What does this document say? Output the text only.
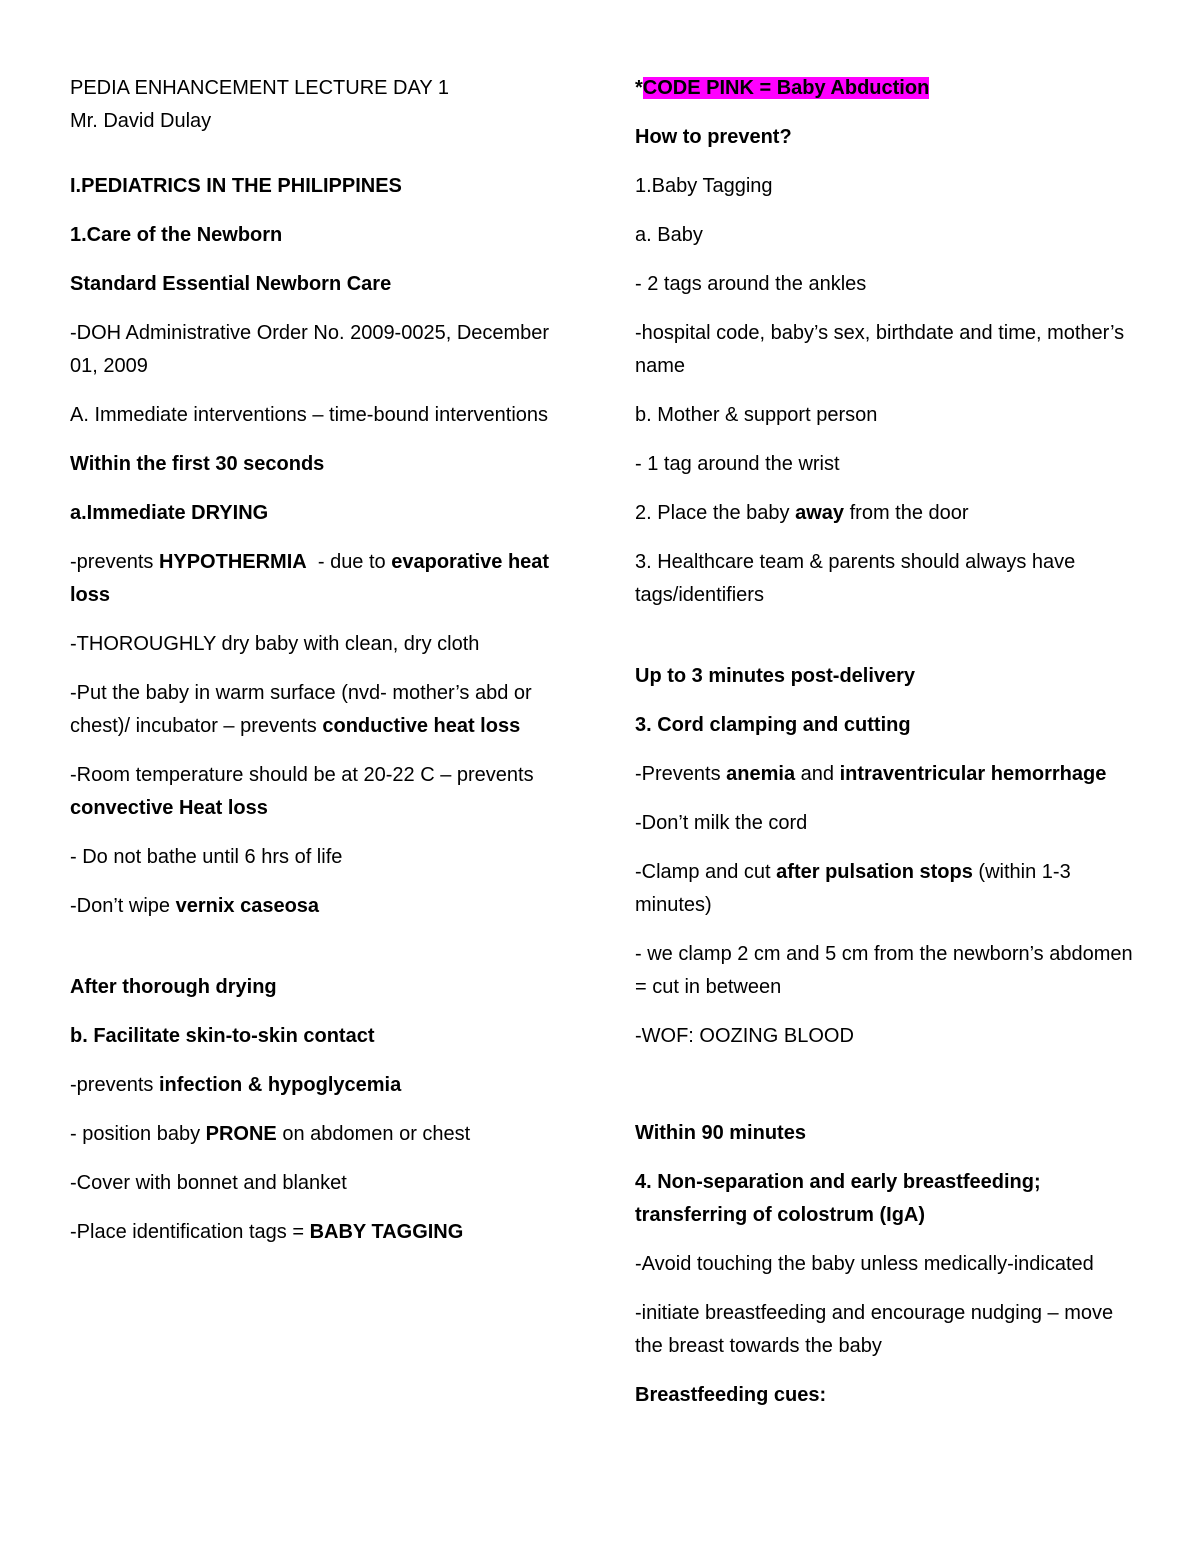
PEDIA ENHANCEMENT LECTURE DAY 1

Mr. David Dulay

I.PEDIATRICS IN THE PHILIPPINES

1.Care of the Newborn

Standard Essential Newborn Care

-DOH Administrative Order No. 2009-0025, December 01, 2009

A. Immediate interventions – time-bound interventions

Within the first 30 seconds

a.Immediate DRYING

-prevents HYPOTHERMIA  - due to evaporative heat loss

-THOROUGHLY dry baby with clean, dry cloth

-Put the baby in warm surface (nvd- mother’s abd or chest)/ incubator – prevents conductive heat loss

-Room temperature should be at 20-22 C – prevents convective Heat loss

- Do not bathe until 6 hrs of life

-Don’t wipe vernix caseosa

After thorough drying

b. Facilitate skin-to-skin contact

-prevents infection & hypoglycemia

- position baby PRONE on abdomen or chest

-Cover with bonnet and blanket

-Place identification tags = BABY TAGGING

*CODE PINK = Baby Abduction

How to prevent?

1.Baby Tagging

a. Baby

- 2 tags around the ankles

-hospital code, baby’s sex, birthdate and time, mother’s name

b. Mother & support person

- 1 tag around the wrist

2. Place the baby away from the door

3. Healthcare team & parents should always have tags/identifiers

Up to 3 minutes post-delivery

3. Cord clamping and cutting

-Prevents anemia and intraventricular hemorrhage

-Don’t milk the cord

-Clamp and cut after pulsation stops (within 1-3 minutes)

- we clamp 2 cm and 5 cm from the newborn’s abdomen = cut in between

-WOF: OOZING BLOOD

Within 90 minutes

4. Non-separation and early breastfeeding; transferring of colostrum (IgA)

-Avoid touching the baby unless medically-indicated

-initiate breastfeeding and encourage nudging – move the breast towards the baby

Breastfeeding cues:
